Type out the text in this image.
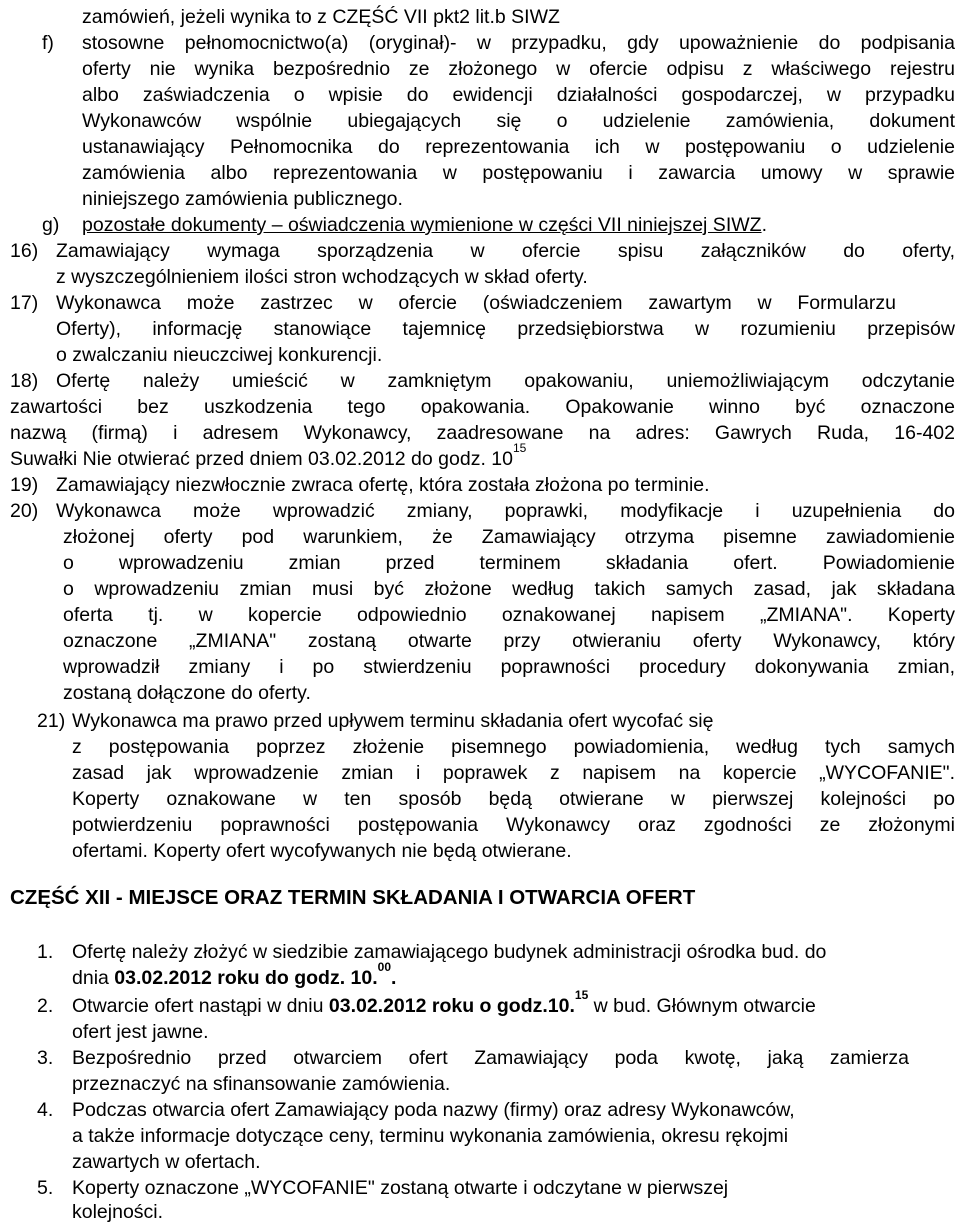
zamówień, jeżeli wynika to z CZĘŚĆ VII pkt2 lit.b SIWZ
f) stosowne pełnomocnictwo(a) (oryginał)- w przypadku, gdy upoważnienie do podpisania
oferty nie wynika bezpośrednio ze złożonego w ofercie odpisu z właściwego rejestru
albo zaświadczenia o wpisie do ewidencji działalności gospodarczej, w przypadku
Wykonawców wspólnie ubiegających się o udzielenie zamówienia, dokument
ustanawiający Pełnomocnika do reprezentowania ich w postępowaniu o udzielenie
zamówienia albo reprezentowania w postępowaniu i zawarcia umowy w sprawie
niniejszego zamówienia publicznego.
g) pozostałe dokumenty – oświadczenia wymienione w części VII niniejszej SIWZ.
16) Zamawiający wymaga sporządzenia w ofercie spisu załączników do oferty,
z wyszczególnieniem ilości stron wchodzących w skład oferty.
17) Wykonawca może zastrzec w ofercie (oświadczeniem zawartym w Formularzu
Oferty), informację stanowiące tajemnicę przedsiębiorstwa w rozumieniu przepisów
o zwalczaniu nieuczciwej konkurencji.
18) Ofertę należy umieścić w zamkniętym opakowaniu, uniemożliwiającym odczytanie
zawartości bez uszkodzenia tego opakowania. Opakowanie winno być oznaczone
nazwą (firmą) i adresem Wykonawcy, zaadresowane na adres: Gawrych Ruda, 16-402
Suwałki Nie otwierać przed dniem 03.02.2012 do godz. $10^{15}$
19) Zamawiający niezwłocznie zwraca ofertę, która została złożona po terminie.
20) Wykonawca może wprowadzić zmiany, poprawki, modyfikacje i uzupełnienia do
złożonej oferty pod warunkiem, że Zamawiający otrzyma pisemne zawiadomienie
o wprowadzeniu zmian przed terminem składania ofert. Powiadomienie
o wprowadzeniu zmian musi być złożone według takich samych zasad, jak składana
oferta tj. w kopercie odpowiednio oznakowanej napisem „ZMIANA". Koperty
oznaczone „ZMIANA" zostaną otwarte przy otwieraniu oferty Wykonawcy, który
wprowadził zmiany i po stwierdzeniu poprawności procedury dokonywania zmian,
zostaną dołączone do oferty.
21) Wykonawca ma prawo przed upływem terminu składania ofert wycofać się
z postępowania poprzez złożenie pisemnego powiadomienia, według tych samych
zasad jak wprowadzenie zmian i poprawek z napisem na kopercie „WYCOFANIE".
Koperty oznakowane w ten sposób będą otwierane w pierwszej kolejności po
potwierdzeniu poprawności postępowania Wykonawcy oraz zgodności ze złożonymi
ofertami. Koperty ofert wycofywanych nie będą otwierane.
CZĘŚĆ XII - MIEJSCE ORAZ TERMIN SKŁADANIA I OTWARCIA OFERT
1. Ofertę należy złożyć w siedzibie zamawiającego budynek administracji ośrodka bud. do
dnia 03.02.2012 roku do godz. 10.00.
2. Otwarcie ofert nastąpi w dniu 03.02.2012 roku o godz.10.15 w bud. Głównym otwarcie
ofert jest jawne.
3. Bezpośrednio przed otwarciem ofert Zamawiający poda kwotę, jaką zamierza
przeznaczyć na sfinansowanie zamówienia.
4. Podczas otwarcia ofert Zamawiający poda nazwy (firmy) oraz adresy Wykonawców,
a także informacje dotyczące ceny, terminu wykonania zamówienia, okresu rękojmi
zawartych w ofertach.
5. Koperty oznaczone „WYCOFANIE" zostaną otwarte i odczytane w pierwszej
kolejności.
